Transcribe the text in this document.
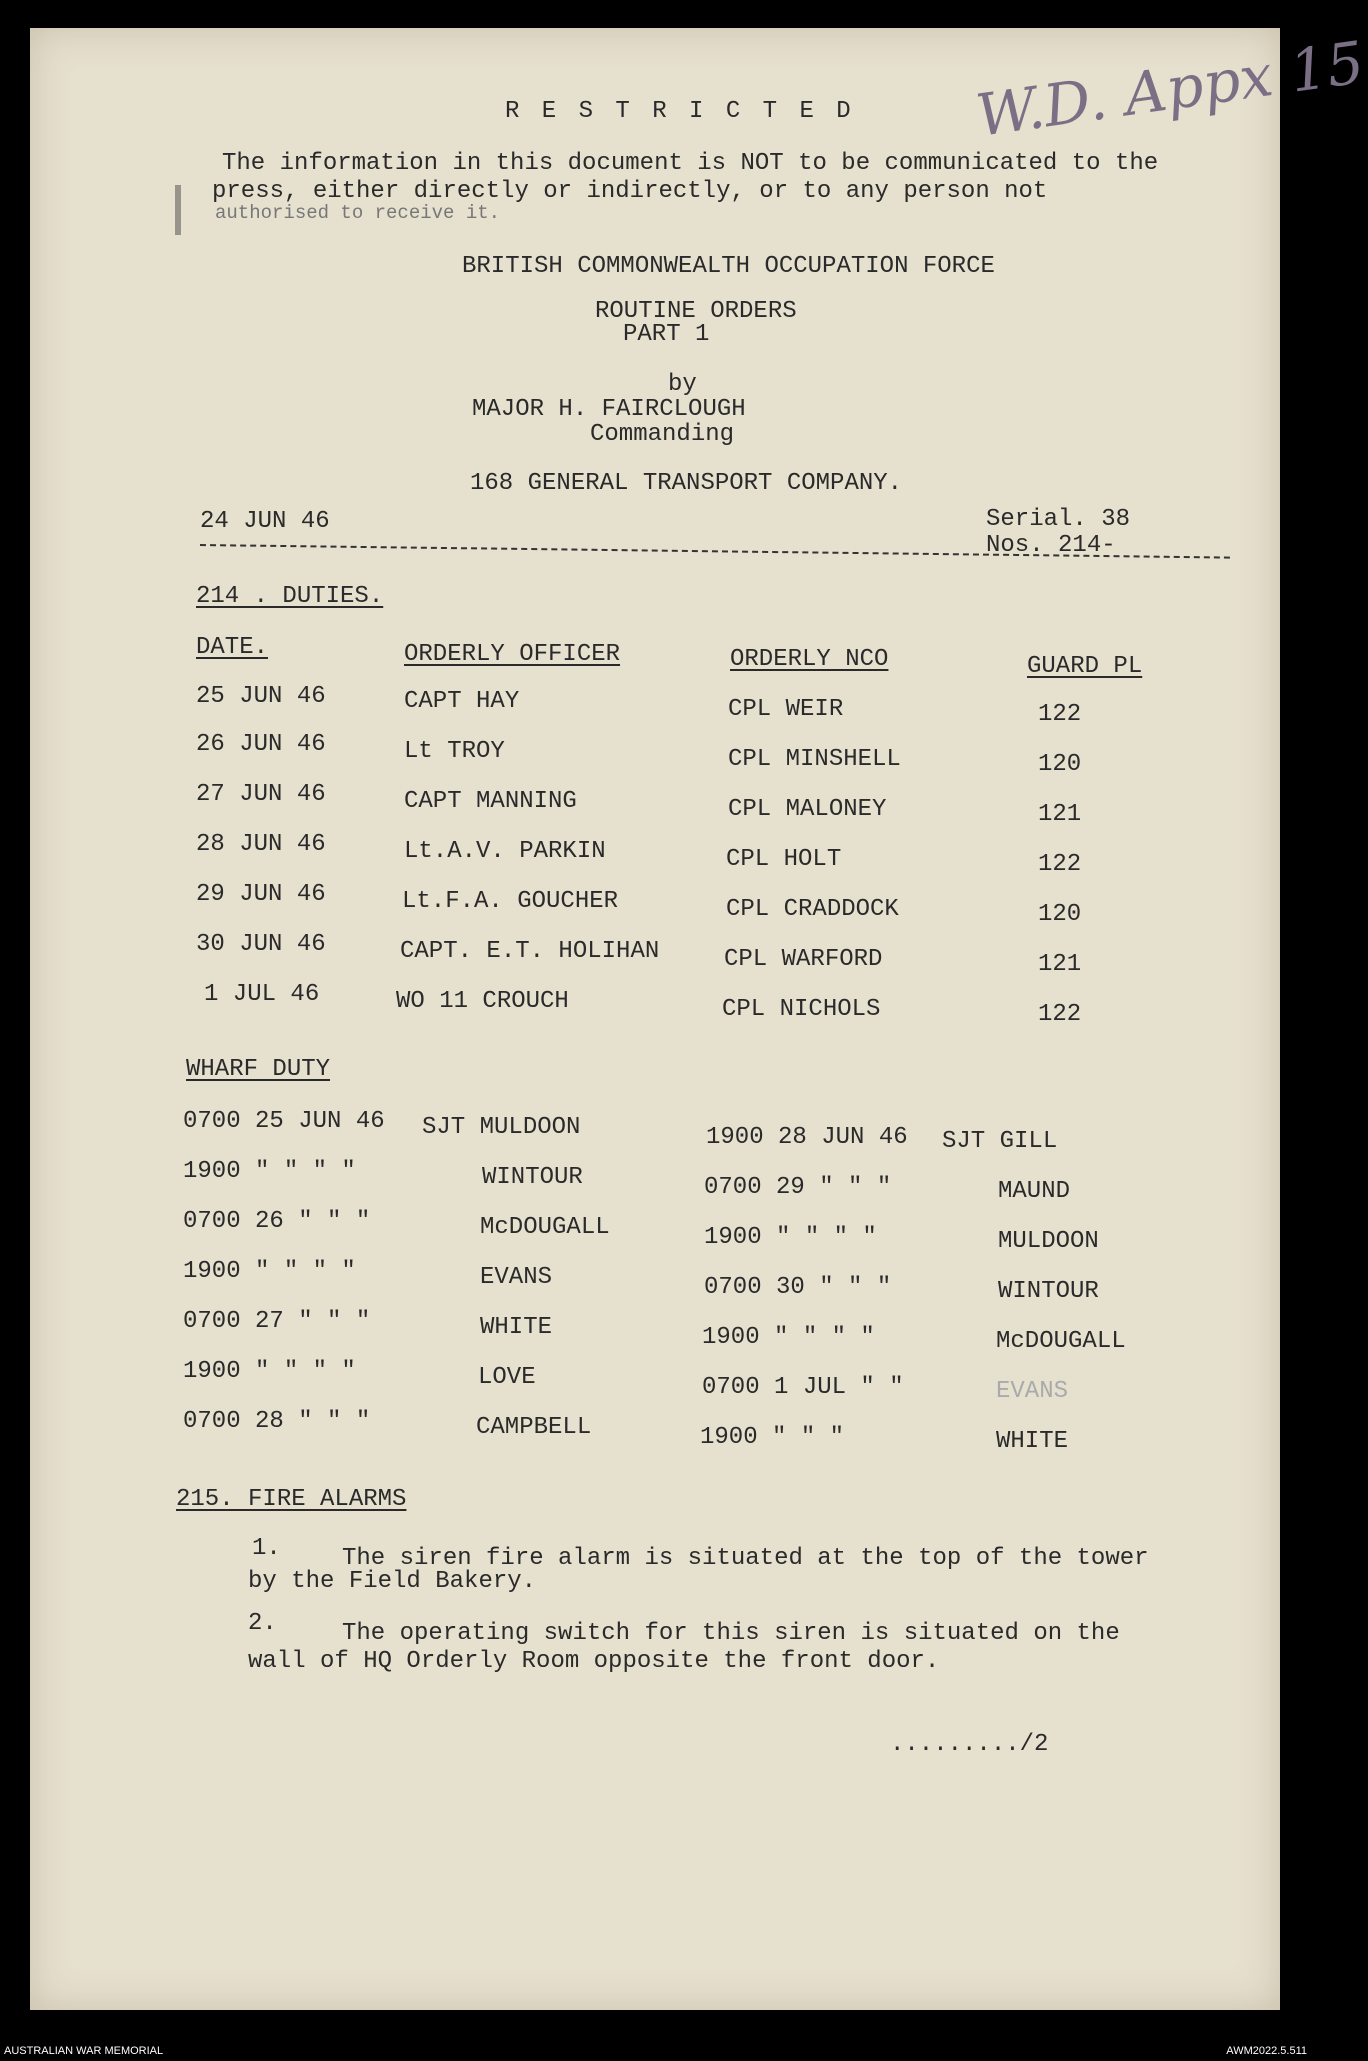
W.D. Appx 15
R E S T R I C T E D
The information in this document is NOT to be communicated to the
press, either directly or indirectly, or to any person not
authorised to receive it.
BRITISH COMMONWEALTH OCCUPATION FORCE
ROUTINE ORDERS
PART 1
by
MAJOR H. FAIRCLOUGH
Commanding
168 GENERAL TRANSPORT COMPANY.
24 JUN 46	Serial. 38
Nos. 214-
214 . DUTIES.
DATE.	ORDERLY OFFICER	ORDERLY NCO	GUARD PL
25 JUN 46	CAPT HAY	CPL WEIR	122
26 JUN 46	Lt TROY	CPL MINSHELL	120
27 JUN 46	CAPT MANNING	CPL MALONEY	121
28 JUN 46	Lt.A.V. PARKIN	CPL HOLT	122
29 JUN 46	Lt.F.A. GOUCHER	CPL CRADDOCK	120
30 JUN 46	CAPT. E.T. HOLIHAN	CPL WARFORD	121
1 JUL 46	WO 11 CROUCH	CPL NICHOLS	122
WHARF DUTY
0700 25 JUN 46 SJT MULDOON
1900 " " " "	WINTOUR
0700 26 " " "	McDOUGALL
1900 " " " "	EVANS
0700 27 " " "	WHITE
1900 " " " "	LOVE
0700 28 " " "	CAMPBELL
1900 28 JUN 46 SJT GILL
0700 29 " " "	MAUND
1900 " " " "	MULDOON
0700 30 " " "	WINTOUR
1900 " " " "	McDOUGALL
0700 1 JUL " "	EVANS
1900 " " "	WHITE
215. FIRE ALARMS
1.	The siren fire alarm is situated at the top of the tower
by the Field Bakery.
2.	The operating switch for this siren is situated on the
wall of HQ Orderly Room opposite the front door.
........./2
AUSTRALIAN WAR MEMORIAL	AWM2022.5.511
